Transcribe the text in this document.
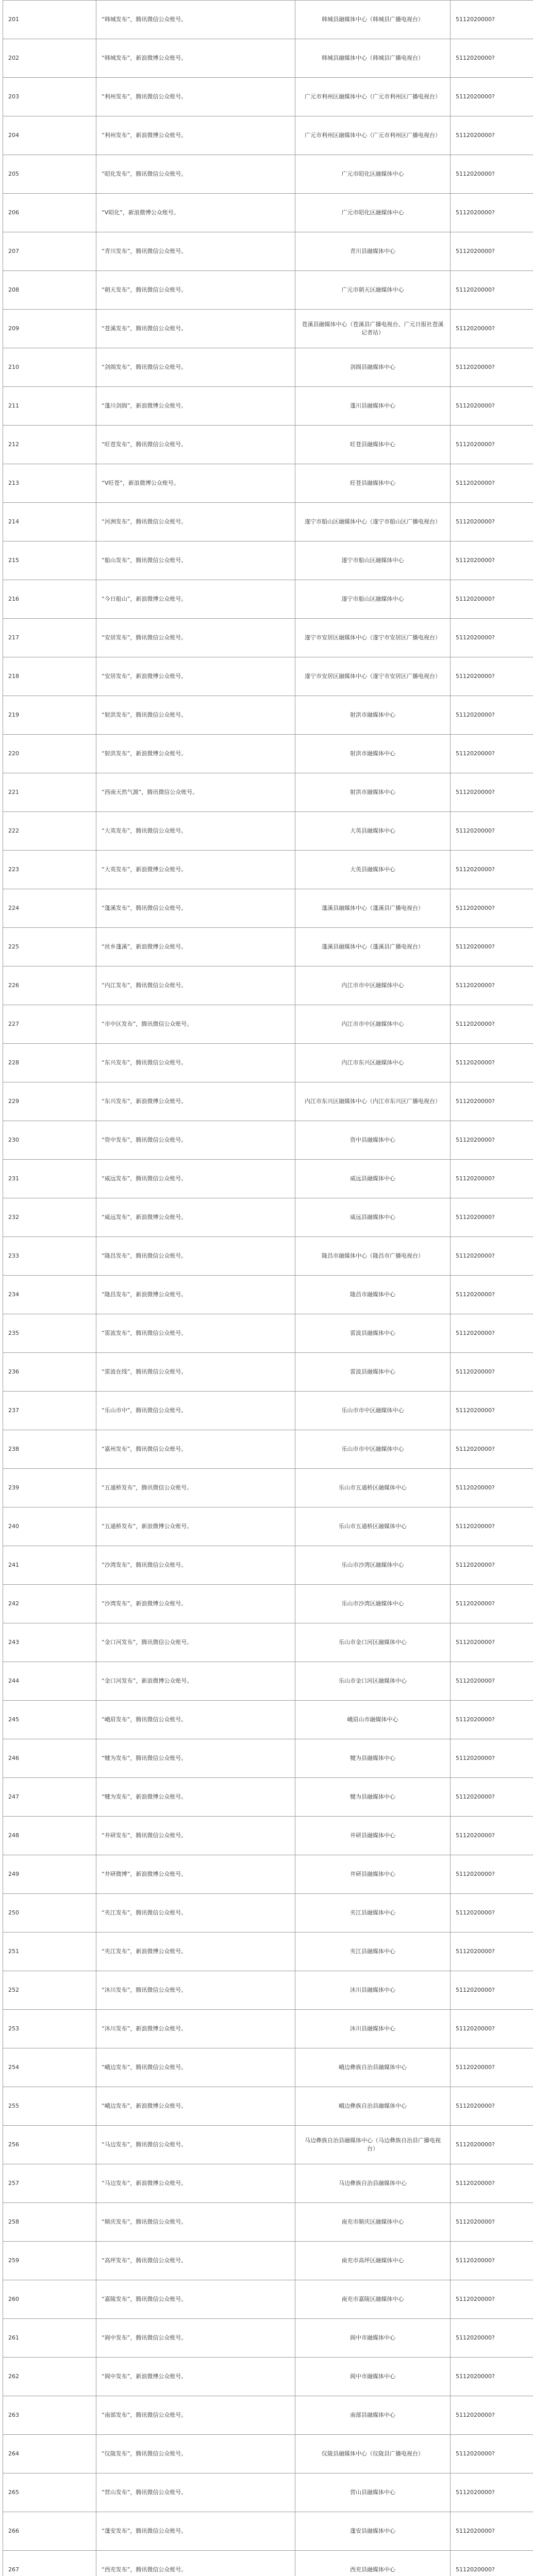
201	“韩城发布”，腾讯微信公众账号。	韩城县融媒体中心（韩城县广播电视台）	5112020000?
202	“韩城发布”，新浪微博公众账号。	韩城县融媒体中心（韩城县广播电视台）	5112020000?
203	“利州发布”，腾讯微信公众账号。	广元市利州区融媒体中心（广元市利州区广播电视台）	5112020000?
204	“利州发布”，新浪微博公众账号。	广元市利州区融媒体中心（广元市利州区广播电视台）	5112020000?
205	“昭化发布”，腾讯微信公众账号。	广元市昭化区融媒体中心	5112020000?
206	“V昭化”，新浪微博公众账号。	广元市昭化区融媒体中心	5112020000?
207	“青川发布”，腾讯微信公众账号。	青川县融媒体中心	5112020000?
208	“朝天发布”，腾讯微信公众账号。	广元市朝天区融媒体中心	5112020000?
209	“苍溪发布”，腾讯微信公众账号。	苍溪县融媒体中心（苍溪县广播电视台、广元日报社苍溪记者站）	5112020000?
210	“剑阁发布”，腾讯微信公众账号。	剑阁县融媒体中心	5112020000?
211	“蓬川剑阁”，新浪微博公众账号。	蓬川县融媒体中心	5112020000?
212	“旺苍发布”，腾讯微信公众账号。	旺苍县融媒体中心	5112020000?
213	“V旺苍”，新浪微博公众账号。	旺苍县融媒体中心	5112020000?
214	“河洲发布”，腾讯微信公众账号。	遂宁市船山区融媒体中心（遂宁市船山区广播电视台）	5112020000?
215	“船山发布”，腾讯微信公众账号。	遂宁市船山区融媒体中心	5112020000?
216	“今日船山”，新浪微博公众账号。	遂宁市船山区融媒体中心	5112020000?
217	“安居发布”，腾讯微信公众账号。	遂宁市安居区融媒体中心（遂宁市安居区广播电视台）	5112020000?
218	“安居发布”，新浪微博公众账号。	遂宁市安居区融媒体中心（遂宁市安居区广播电视台）	5112020000?
219	“射洪发布”，腾讯微信公众账号。	射洪市融媒体中心	5112020000?
220	“射洪发布”，新浪微博公众账号。	射洪市融媒体中心	5112020000?
221	“西南天然气源”，腾讯微信公众账号。	射洪市融媒体中心	5112020000?
222	“大英发布”，腾讯微信公众账号。	大英县融媒体中心	5112020000?
223	“大英发布”，新浪微博公众账号。	大英县融媒体中心	5112020000?
224	“蓬溪发布”，腾讯微信公众账号。	蓬溪县融媒体中心（蓬溪县广播电视台）	5112020000?
225	“丝乡蓬溪”，新浪微博公众账号。	蓬溪县融媒体中心（蓬溪县广播电视台）	5112020000?
226	“内江发布”，腾讯微信公众账号。	内江市市中区融媒体中心	5112020000?
227	“市中区发布”，腾讯微信公众账号。	内江市市中区融媒体中心	5112020000?
228	“东兴发布”，腾讯微信公众账号。	内江市东兴区融媒体中心	5112020000?
229	“东兴发布”，新浪微博公众账号。	内江市东兴区融媒体中心（内江市东兴区广播电视台）	5112020000?
230	“资中发布”，腾讯微信公众账号。	资中县融媒体中心	5112020000?
231	“威远发布”，腾讯微信公众账号。	威远县融媒体中心	5112020000?
232	“威远发布”，新浪微博公众账号。	威远县融媒体中心	5112020000?
233	“隆昌发布”，腾讯微信公众账号。	隆昌市融媒体中心（隆昌市广播电视台）	5112020000?
234	“隆昌发布”，新浪微博公众账号。	隆昌市融媒体中心	5112020000?
235	“雷波发布”，腾讯微信公众账号。	雷波县融媒体中心	5112020000?
236	“雷波在线”，腾讯微信公众账号。	雷波县融媒体中心	5112020000?
237	“乐山市中”，腾讯微信公众账号。	乐山市市中区融媒体中心	5112020000?
238	“嘉州发布”，腾讯微信公众账号。	乐山市市中区融媒体中心	5112020000?
239	“五通桥发布”，腾讯微信公众账号。	乐山市五通桥区融媒体中心	5112020000?
240	“五通桥发布”，新浪微博公众账号。	乐山市五通桥区融媒体中心	5112020000?
241	“沙湾发布”，腾讯微信公众账号。	乐山市沙湾区融媒体中心	5112020000?
242	“沙湾发布”，新浪微博公众账号。	乐山市沙湾区融媒体中心	5112020000?
243	“金口河发布”，腾讯微信公众账号。	乐山市金口河区融媒体中心	5112020000?
244	“金口河发布”，新浪微博公众账号。	乐山市金口河区融媒体中心	5112020000?
245	“峨眉发布”，腾讯微信公众账号。	峨眉山市融媒体中心	5112020000?
246	“犍为发布”，腾讯微信公众账号。	犍为县融媒体中心	5112020000?
247	“犍为发布”，新浪微博公众账号。	犍为县融媒体中心	5112020000?
248	“井研发布”，腾讯微信公众账号。	井研县融媒体中心	5112020000?
249	“井研微博”，新浪微博公众账号。	井研县融媒体中心	5112020000?
250	“夹江发布”，腾讯微信公众账号。	夹江县融媒体中心	5112020000?
251	“夹江发布”，新浪微博公众账号。	夹江县融媒体中心	5112020000?
252	“沐川发布”，腾讯微信公众账号。	沐川县融媒体中心	5112020000?
253	“沐川发布”，新浪微博公众账号。	沐川县融媒体中心	5112020000?
254	“峨边发布”，腾讯微信公众账号。	峨边彝族自治县融媒体中心	5112020000?
255	“峨边发布”，新浪微博公众账号。	峨边彝族自治县融媒体中心	5112020000?
256	“马边发布”，腾讯微信公众账号。	马边彝族自治县融媒体中心（马边彝族自治县广播电视台）	5112020000?
257	“马边发布”，新浪微博公众账号。	马边彝族自治县融媒体中心	5112020000?
258	“顺庆发布”，腾讯微信公众账号。	南充市顺庆区融媒体中心	5112020000?
259	“高坪发布”，腾讯微信公众账号。	南充市高坪区融媒体中心	5112020000?
260	“嘉陵发布”，腾讯微信公众账号。	南充市嘉陵区融媒体中心	5112020000?
261	“阆中发布”，腾讯微信公众账号。	阆中市融媒体中心	5112020000?
262	“阆中发布”，新浪微博公众账号。	阆中市融媒体中心	5112020000?
263	“南部发布”，腾讯微信公众账号。	南部县融媒体中心	5112020000?
264	“仪陇发布”，腾讯微信公众账号。	仪陇县融媒体中心（仪陇县广播电视台）	5112020000?
265	“营山发布”，腾讯微信公众账号。	营山县融媒体中心	5112020000?
266	“蓬安发布”，腾讯微信公众账号。	蓬安县融媒体中心	5112020000?
267	“西充发布”，腾讯微信公众账号。	西充县融媒体中心	5112020000?
